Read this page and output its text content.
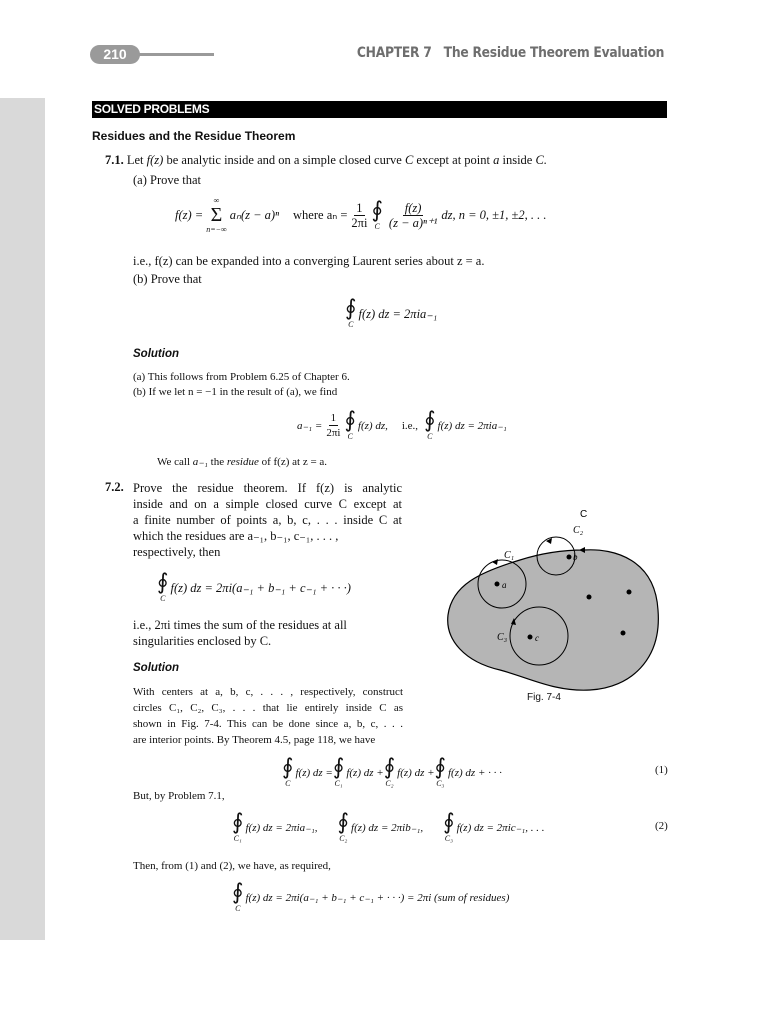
210	CHAPTER 7   The Residue Theorem Evaluation
SOLVED PROBLEMS
Residues and the Residue Theorem
7.1. Let f(z) be analytic inside and on a simple closed curve C except at point a inside C.
(a) Prove that
f(z) =
∞
Σ
n=−∞
aₙ(z − a)ⁿ where $a_n = \frac{1}{2\pi i}$ ∮
C $\frac{f(z)}{\text{(z − a)ⁿ⁺¹}}$ dz, n = 0, ±1, ±2, . . .
i.e., f(z) can be expanded into a converging Laurent series about z = a.
(b) Prove that
∮
C
f(z) dz = 2πia₋₁
Solution
(a) This follows from Problem 6.25 of Chapter 6.
(b) If we let n = −1 in the result of (a), we find
$a_{-1} = \frac{1}{2\pi i}$ ∮
C
f(z) dz, i.e., ∮
C
f(z) dz = 2πia₋₁
We call a₋₁ the residue of f(z) at z = a.
7.2. Prove the residue theorem. If f(z) is analytic
inside and on a simple closed curve C except at
a finite number of points a, b, c, . . . inside C at
which the residues are a₋₁, b₋₁, c₋₁, . . . ,
respectively, then
∮
C
f(z) dz = 2πi(a₋₁ + b₋₁ + c₋₁ + · · ·)
i.e., 2πi times the sum of the residues at all
singularities enclosed by C.
Solution
With centers at a, b, c, . . . , respectively, construct
circles C₁, C₂, C₃, . . . that lie entirely inside C as
shown in Fig. 7-4. This can be done since a, b, c, . . .
are interior points. By Theorem 4.5, page 118, we have
C
C₁
C₂
C₃
a
b
c
Fig. 7-4
∮
C
f(z) dz = ∮
C₁
f(z) dz + ∮
C₂
f(z) dz + ∮
C₃
f(z) dz + · · ·	(1)
But, by Problem 7.1,
∮
C₁
f(z) dz = 2πia₋₁, ∮
C₂
f(z) dz = 2πib₋₁, ∮
C₃
f(z) dz = 2πic₋₁, . . .	(2)
Then, from (1) and (2), we have, as required,
∮
C
f(z) dz = 2πi(a₋₁ + b₋₁ + c₋₁ + · · ·) = 2πi (sum of residues)
